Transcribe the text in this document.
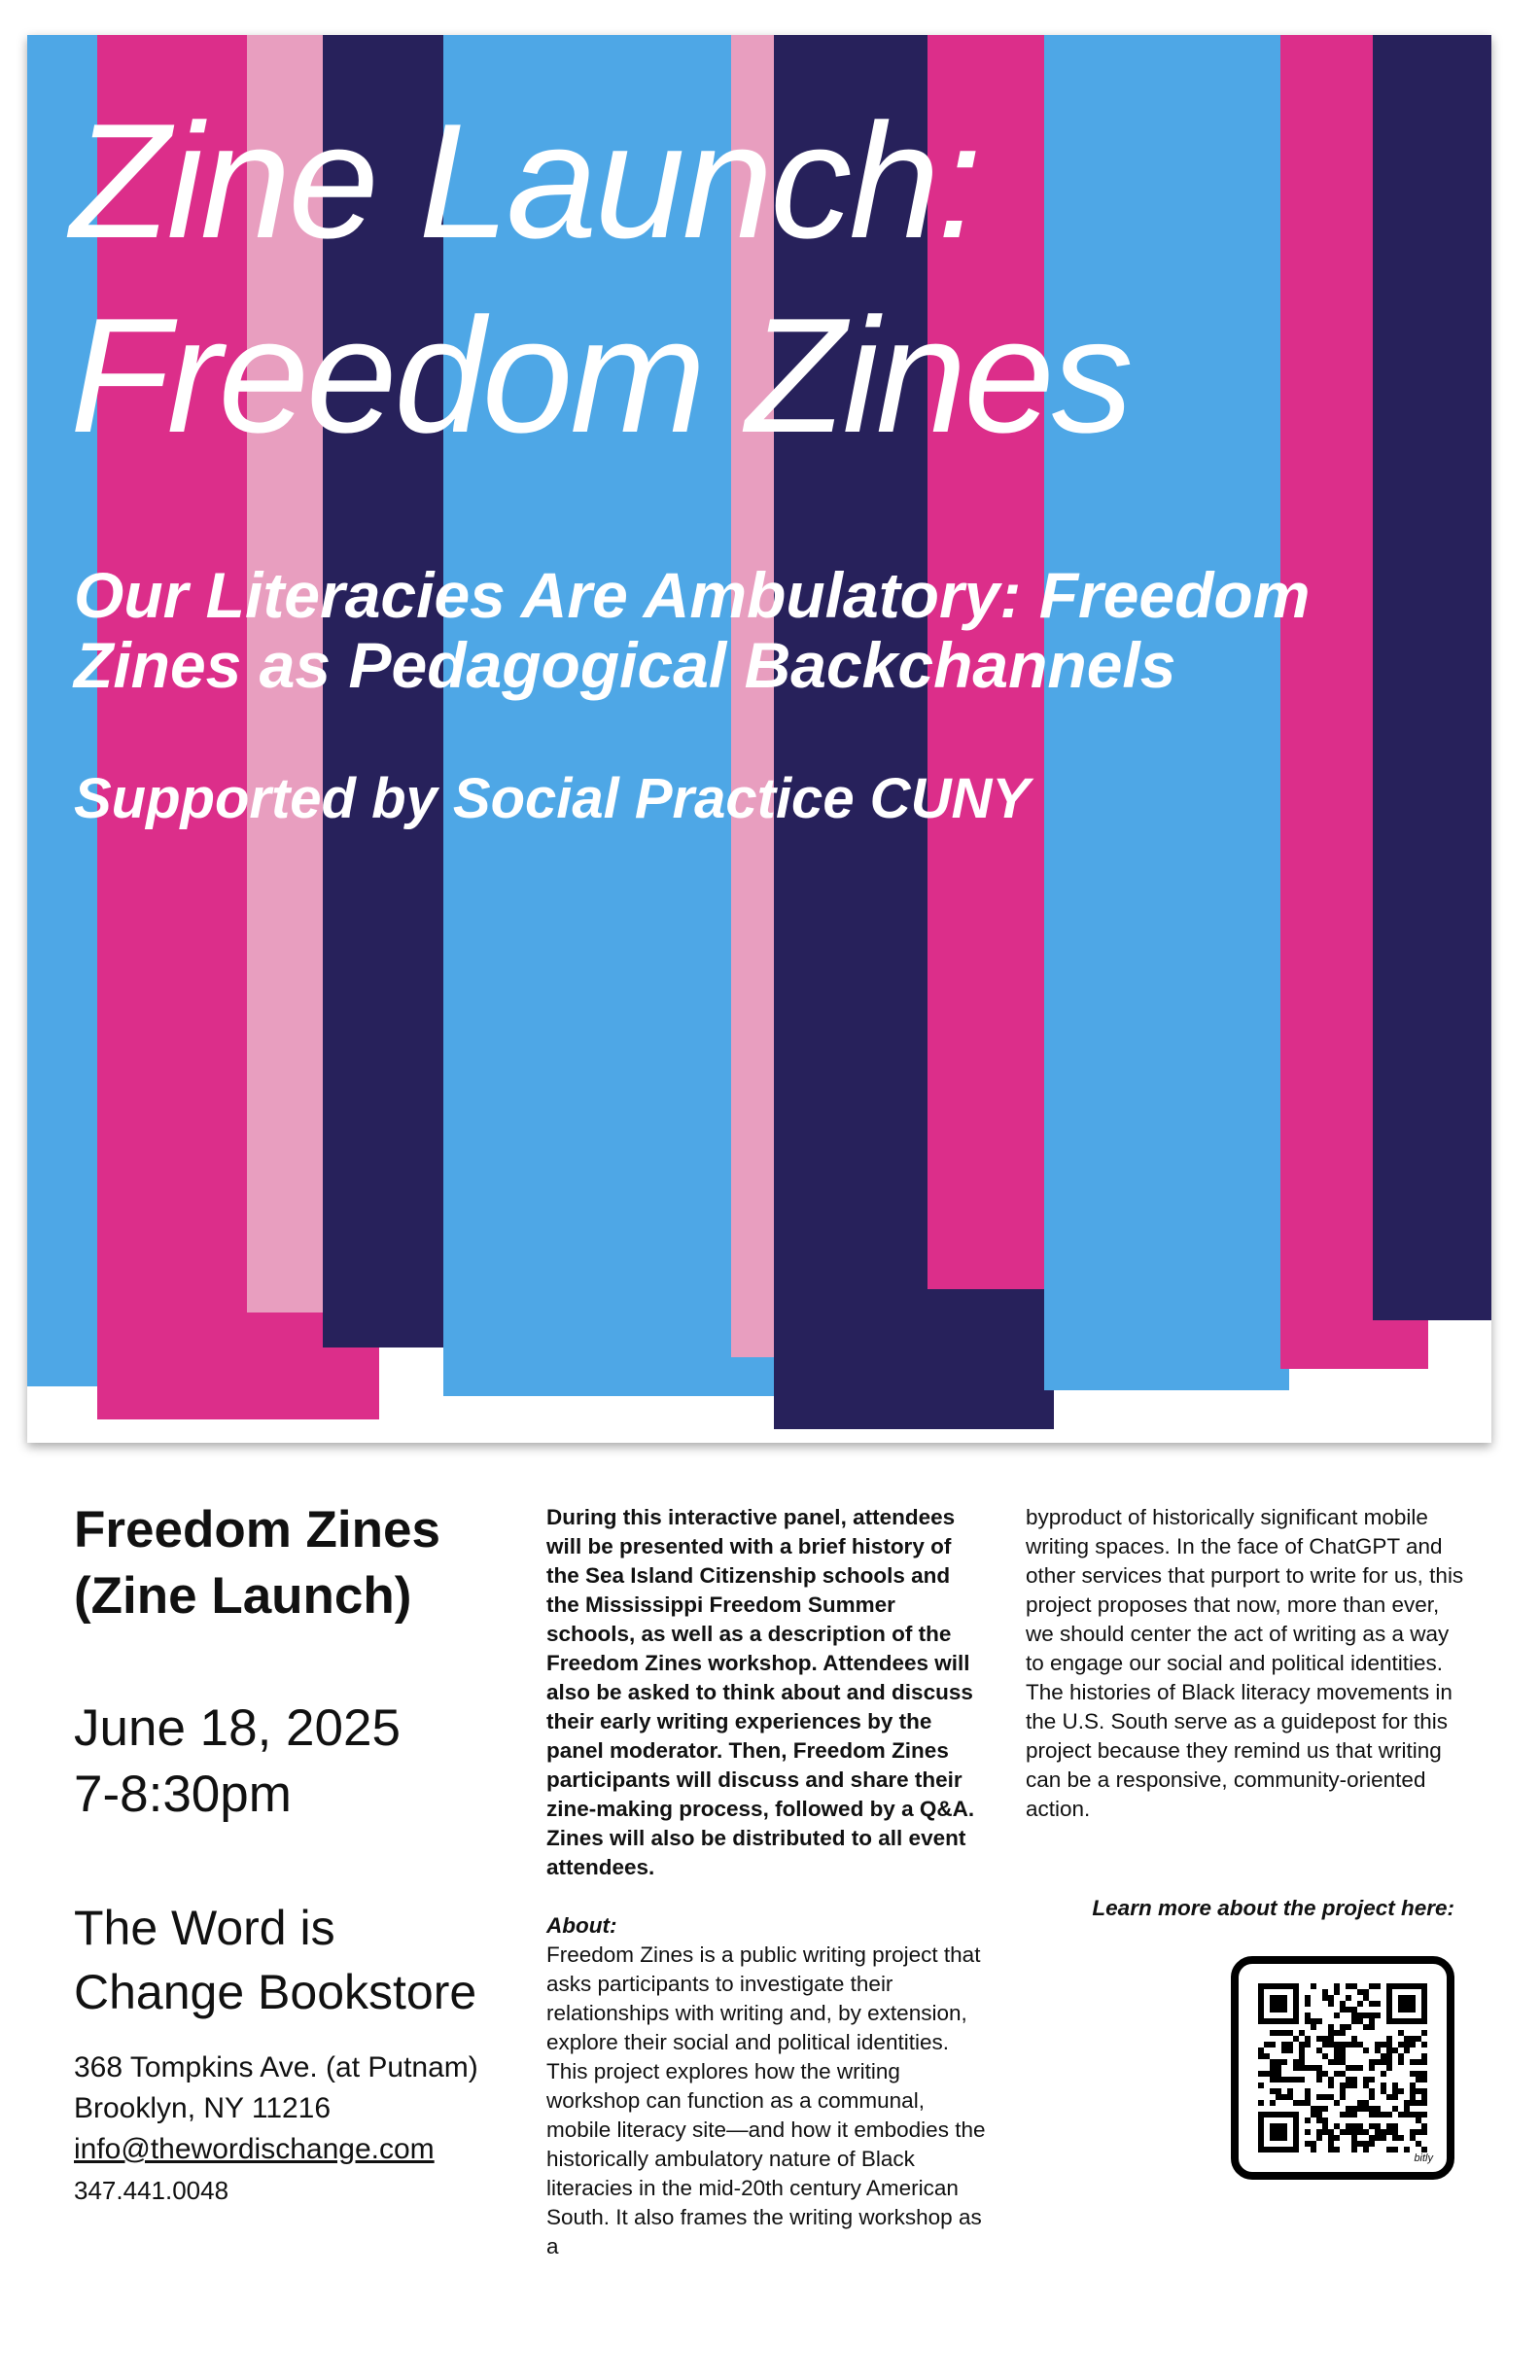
Zine Launch:
Freedom Zines

Our Literacies Are Ambulatory: Freedom Zines as Pedagogical Backchannels

Supported by Social Practice CUNY

Freedom Zines
(Zine Launch)
June 18, 2025
7-8:30pm
The Word is
Change Bookstore
368 Tompkins Ave. (at Putnam)
Brooklyn, NY 11216
info@thewordischange.com
347.441.0048
During this interactive panel, attendees will be presented with a brief history of the Sea Island Citizenship schools and the Mississippi Freedom Summer schools, as well as a description of the Freedom Zines workshop. Attendees will also be asked to think about and discuss their early writing experiences by the panel moderator. Then, Freedom Zines participants will discuss and share their zine-making process, followed by a Q&A. Zines will also be distributed to all event attendees.
About:
Freedom Zines is a public writing project that asks participants to investigate their relationships with writing and, by extension, explore their social and political identities. This project explores how the writing workshop can function as a communal, mobile literacy site—and how it embodies the historically ambulatory nature of Black literacies in the mid-20th century American South. It also frames the writing workshop as a
byproduct of historically significant mobile writing spaces. In the face of ChatGPT and other services that purport to write for us, this project proposes that now, more than ever, we should center the act of writing as a way to engage our social and political identities. The histories of Black literacy movements in the U.S. South serve as a guidepost for this project because they remind us that writing can be a responsive, community-oriented action.
Learn more about the project here:
bitly
